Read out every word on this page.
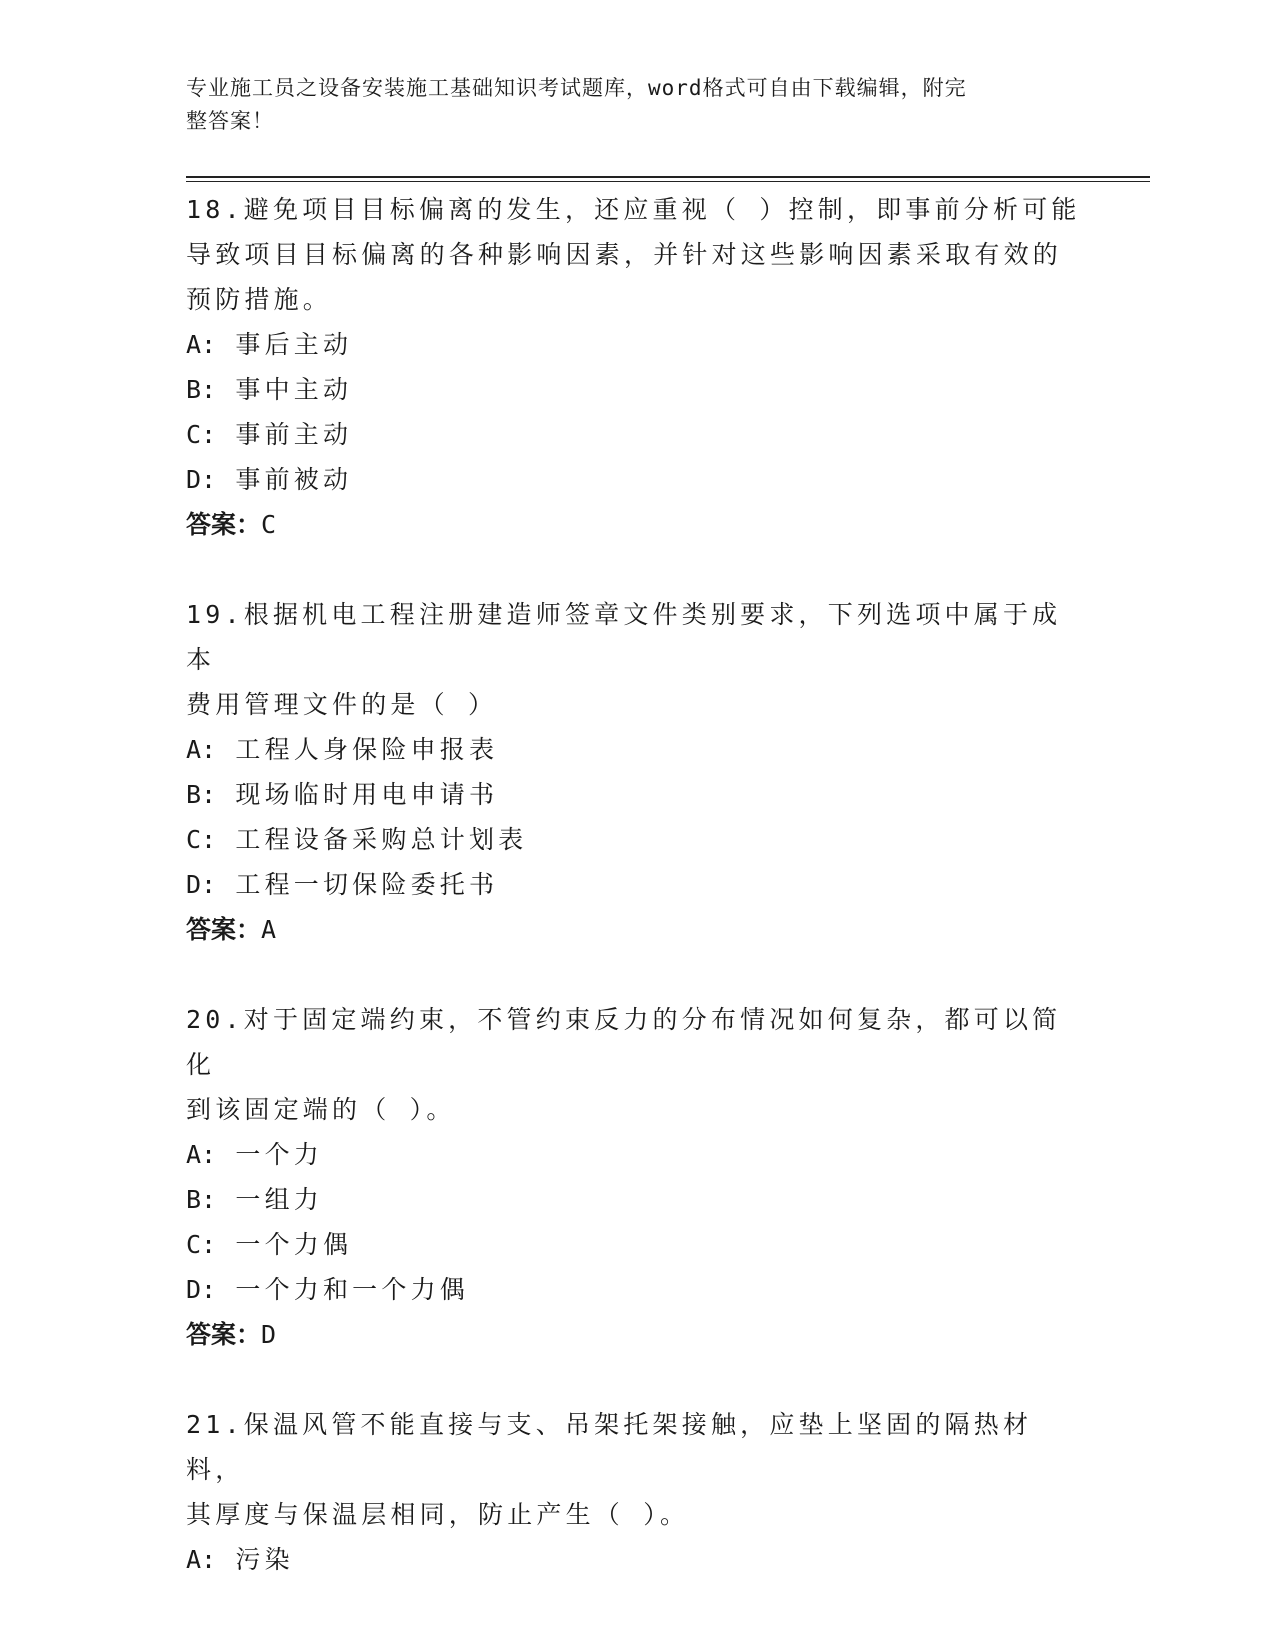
专业施工员之设备安装施工基础知识考试题库，word格式可自由下载编辑，附完
整答案！

18.避免项目目标偏离的发生，还应重视（ ）控制，即事前分析可能

导致项目目标偏离的各种影响因素，并针对这些影响因素采取有效的

预防措施。

A: 事后主动

B: 事中主动

C: 事前主动

D: 事前被动

答案：C

19.根据机电工程注册建造师签章文件类别要求，下列选项中属于成本

费用管理文件的是（ ）

A: 工程人身保险申报表

B: 现场临时用电申请书

C: 工程设备采购总计划表

D: 工程一切保险委托书

答案：A

20.对于固定端约束，不管约束反力的分布情况如何复杂，都可以简化

到该固定端的（ ）。

A: 一个力

B: 一组力

C: 一个力偶

D: 一个力和一个力偶

答案：D

21.保温风管不能直接与支、吊架托架接触，应垫上坚固的隔热材料，

其厚度与保温层相同，防止产生（ ）。

A: 污染
